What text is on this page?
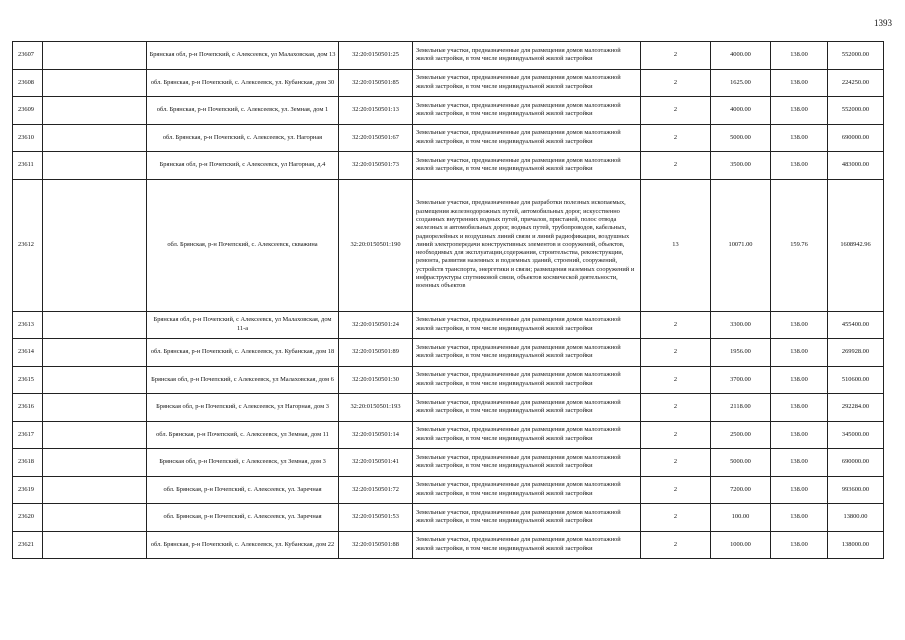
1393
23607		Брянская обл, р-н Почепский, с Алексеевск, ул Малаховская, дом 13	32:20:0150501:25	Земельные участки, предназначенные для размещения домов малоэтажной жилой застройки, в том числе индивидуальной жилой застройки	2	4000.00	138.00	552000.00
23608		обл. Брянская, р-н Почепский, с. Алексеевск, ул. Кубанская, дом 30	32:20:0150501:85	Земельные участки, предназначенные для размещения домов малоэтажной жилой застройки, в том числе индивидуальной жилой застройки	2	1625.00	138.00	224250.00
23609		обл. Брянская, р-н Почепский, с. Алексеевск, ул. Земная, дом 1	32:20:0150501:13	Земельные участки, предназначенные для размещения домов малоэтажной жилой застройки, в том числе индивидуальной жилой застройки	2	4000.00	138.00	552000.00
23610		обл. Брянская, р-н Почепский, с. Алексеевск, ул. Нагорная	32:20:0150501:67	Земельные участки, предназначенные для размещения домов малоэтажной жилой застройки, в том числе индивидуальной жилой застройки	2	5000.00	138.00	690000.00
23611		Брянская обл, р-н Почепский, с Алексеевск, ул Нагорная, д.4	32:20:0150501:73	Земельные участки, предназначенные для размещения домов малоэтажной жилой застройки, в том числе индивидуальной жилой застройки	2	3500.00	138.00	483000.00
23612		обл. Брянская, р-н Почепский, с. Алексеевск, скважина	32:20:0150501:190	Земельные участки, предназначенные для разработки полезных ископаемых, размещения железнодорожных путей, автомобильных дорог, искусственно созданных внутренних водных путей, причалов, пристаней, полос отвода железных и автомобильных дорог, водных путей, трубопроводов, кабельных, радиорелейных и воздушных линий связи и линий радиофикации, воздушных линий электропередачи конструктивных элементов и сооружений, объектов, необходимых для эксплуатации,содержания, строительства, реконструкции, ремонта, развития наземных и подземных зданий, строений, сооружений, устройств транспорта, энергетики и связи; размещения наземных сооружений и инфраструктуры спутниковой связи, объектов космической деятельности, военных объектов	13	10071.00	159.76	1608942.96
23613		Брянская обл, р-н Почепский, с Алексеевск, ул Малаховская, дом 11-а	32:20:0150501:24	Земельные участки, предназначенные для размещения домов малоэтажной жилой застройки, в том числе индивидуальной жилой застройки	2	3300.00	138.00	455400.00
23614		обл. Брянская, р-н Почепский, с. Алексеевск, ул. Кубанская, дом 18	32:20:0150501:89	Земельные участки, предназначенные для размещения домов малоэтажной жилой застройки, в том числе индивидуальной жилой застройки	2	1956.00	138.00	269928.00
23615		Брянская обл, р-н Почепский, с Алексеевск, ул Малаховская, дом 6	32:20:0150501:30	Земельные участки, предназначенные для размещения домов малоэтажной жилой застройки, в том числе индивидуальной жилой застройки	2	3700.00	138.00	510600.00
23616		Брянская обл, р-н Почепский, с Алексеевск, ул Нагорная, дом 3	32:20:0150501:193	Земельные участки, предназначенные для размещения домов малоэтажной жилой застройки, в том числе индивидуальной жилой застройки	2	2118.00	138.00	292284.00
23617		обл. Брянская, р-н Почепский, с. Алексеевск, ул Земная, дом 11	32:20:0150501:14	Земельные участки, предназначенные для размещения домов малоэтажной жилой застройки, в том числе индивидуальной жилой застройки	2	2500.00	138.00	345000.00
23618		Брянская обл, р-н Почепский, с Алексеевск, ул Земная, дом 3	32:20:0150501:41	Земельные участки, предназначенные для размещения домов малоэтажной жилой застройки, в том числе индивидуальной жилой застройки	2	5000.00	138.00	690000.00
23619		обл. Брянская, р-н Почепский, с. Алексеевск, ул. Заречная	32:20:0150501:72	Земельные участки, предназначенные для размещения домов малоэтажной жилой застройки, в том числе индивидуальной жилой застройки	2	7200.00	138.00	993600.00
23620		обл. Брянская, р-н Почепский, с. Алексеевск, ул. Заречная	32:20:0150501:53	Земельные участки, предназначенные для размещения домов малоэтажной жилой застройки, в том числе индивидуальной жилой застройки	2	100.00	138.00	13800.00
23621		обл. Брянская, р-н Почепский, с. Алексеевск, ул. Кубанская, дом 22	32:20:0150501:88	Земельные участки, предназначенные для размещения домов малоэтажной жилой застройки, в том числе индивидуальной жилой застройки	2	1000.00	138.00	138000.00
